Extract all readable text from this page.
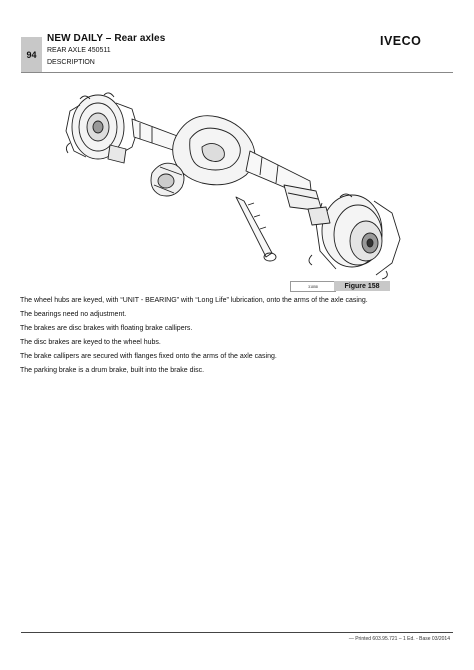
94
NEW DAILY – Rear axles
REAR AXLE 450511
DESCRIPTION
IVECO
31858	Figure 158

The wheel hubs are keyed, with “UNIT - BEARING” with “Long Life” lubrication, onto the arms of the axle casing.

The bearings need no adjustment.

The brakes are disc brakes with floating brake callipers.

The disc brakes are keyed to the wheel hubs.

The brake callipers are secured with flanges fixed onto the arms of the axle casing.

The parking brake is a drum brake, built into the brake disc.

— Printed 603.95.721 – 1 Ed. - Base 03/2014
